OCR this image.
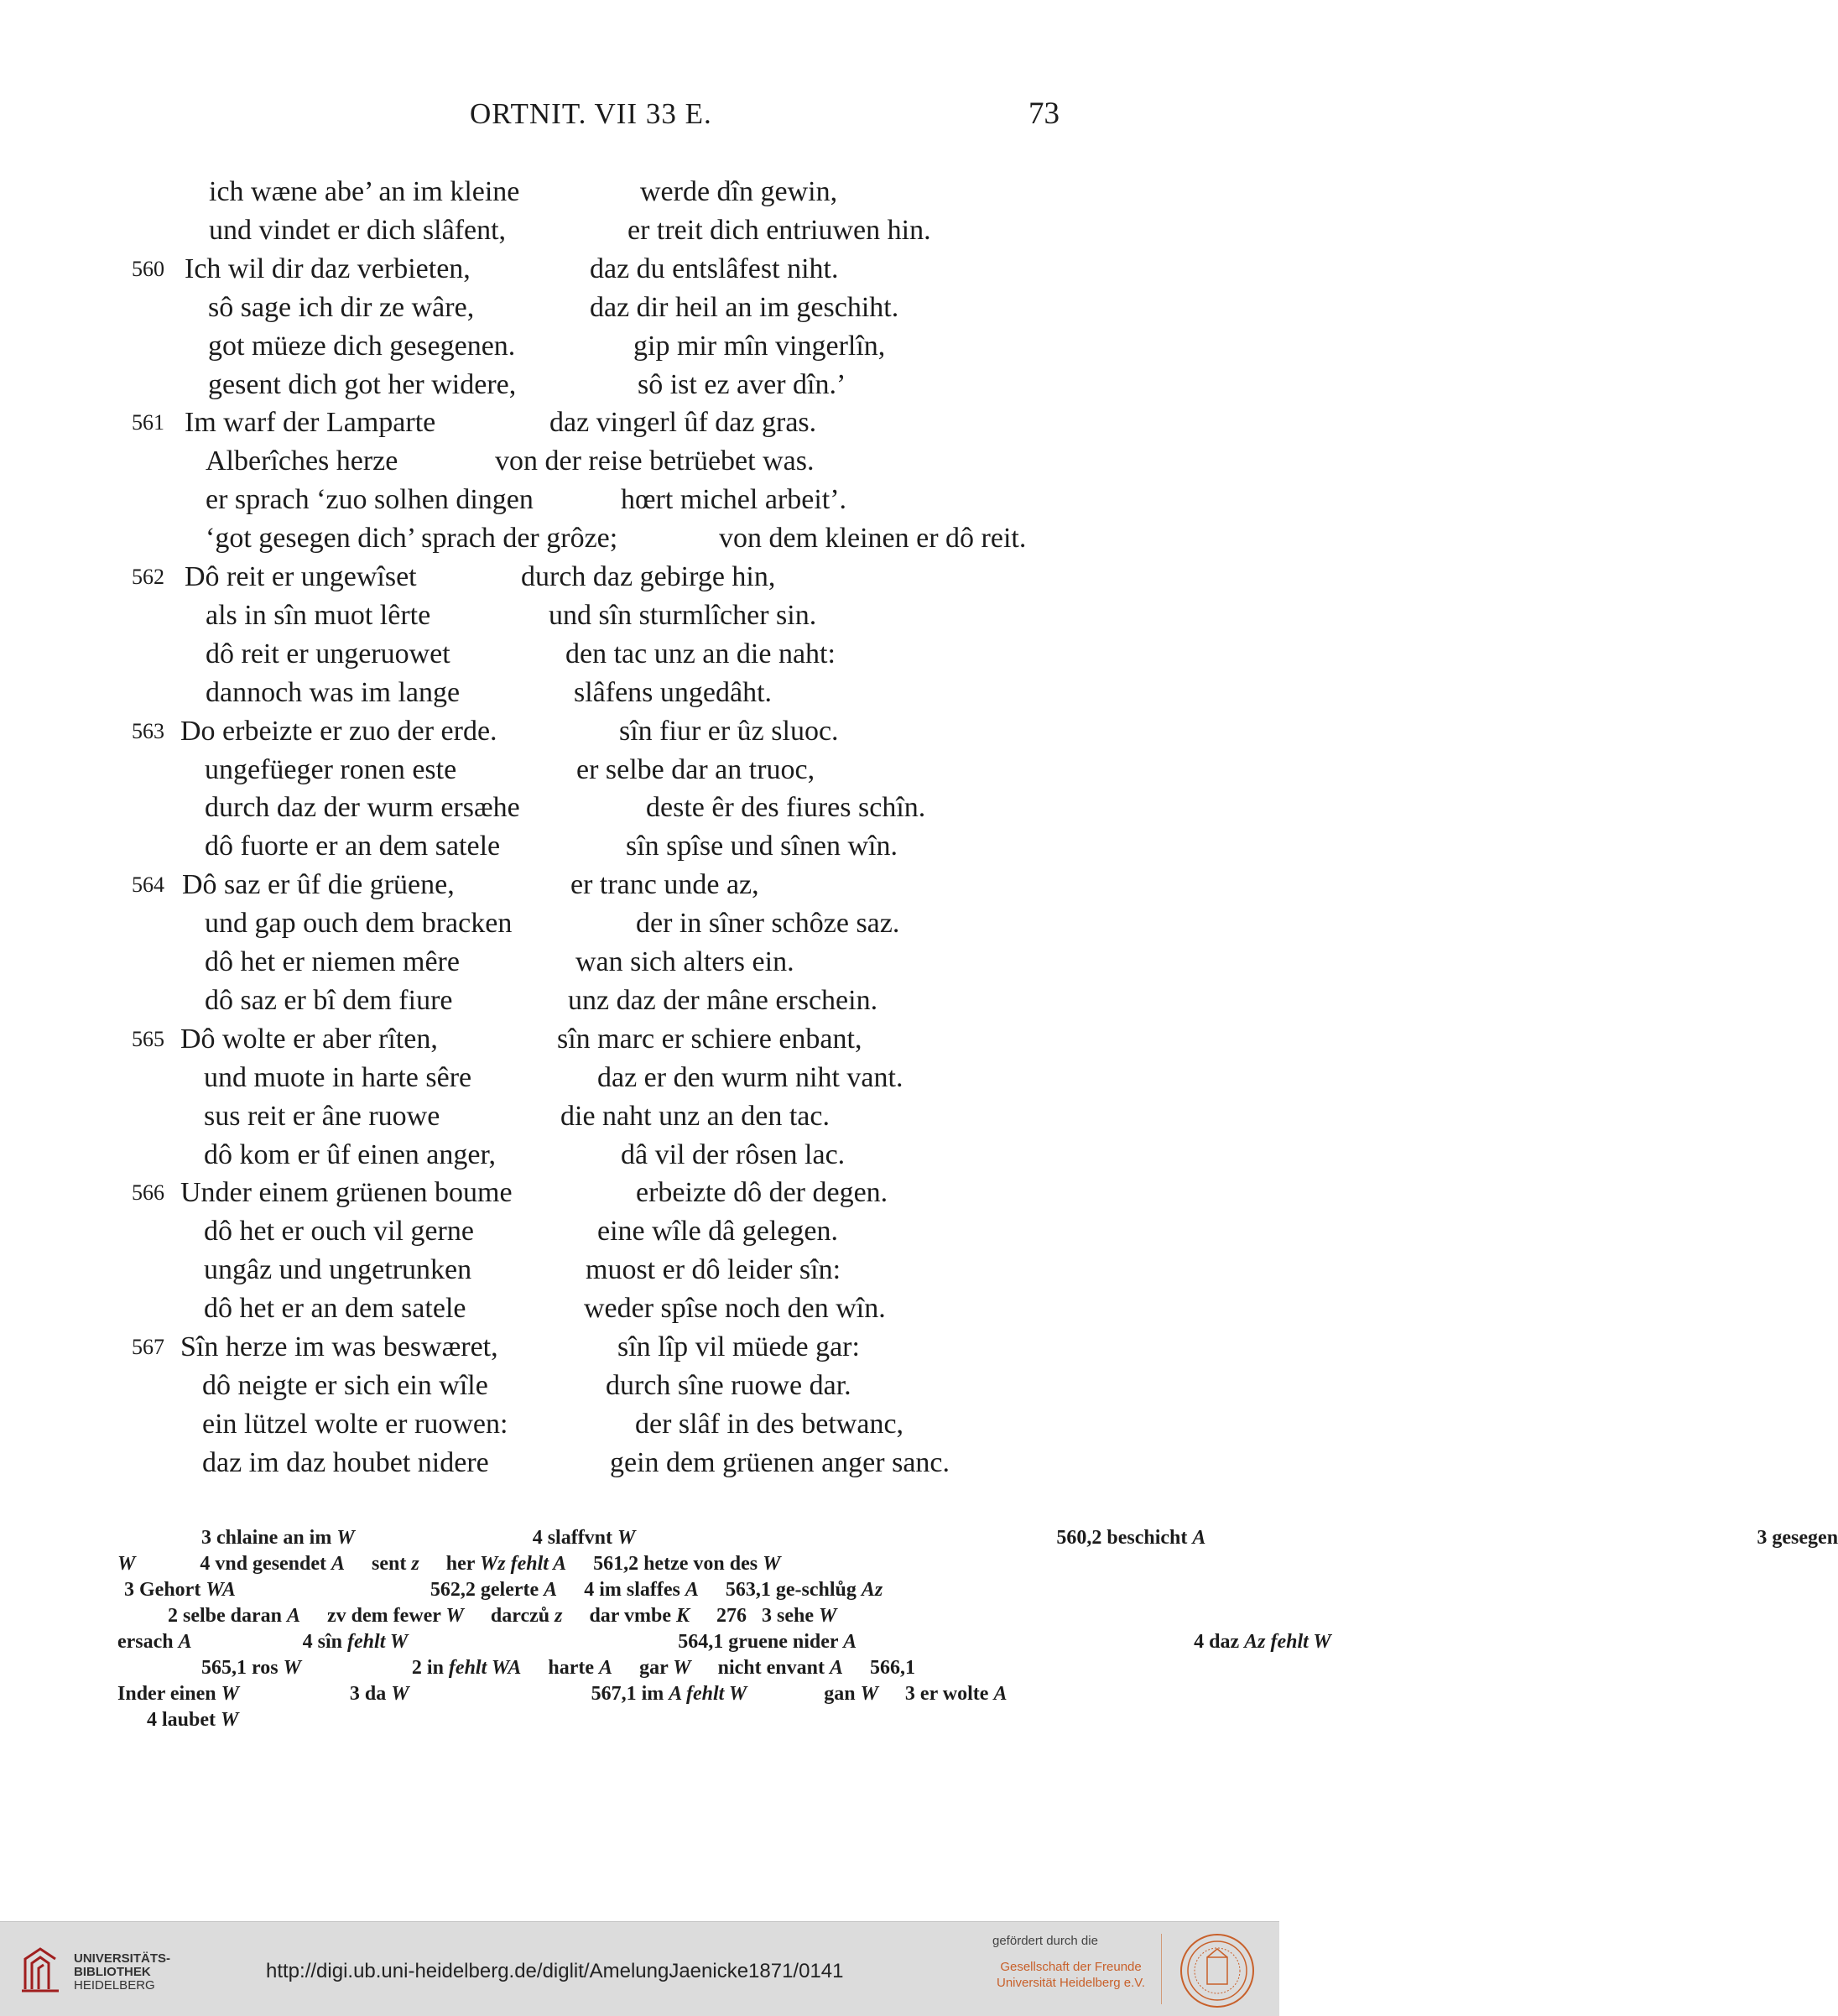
ORTNIT. VII 33 E.	73
ich wæne abe’ an im kleine	werde dîn gewin,
und vindet er dich slâfent,	er treit dich entriuwen hin.
560 Ich wil dir daz verbieten,	daz du entslâfest niht.
sô sage ich dir ze wâre,	daz dir heil an im geschiht.
got müeze dich gesegenen.	gip mir mîn vingerlîn,
gesent dich got her widere,	sô ist ez aver dîn.’
561 Im warf der Lamparte	daz vingerl ûf daz gras.
Alberîches herze	von der reise betrüebet was.
er sprach ‘zuo solhen dingen	hœrt michel arbeit’.
‘got gesegen dich’ sprach der grôze;	von dem kleinen er dô reit.
562 Dô reit er ungewîset	durch daz gebirge hin,
als in sîn muot lêrte	und sîn sturmlîcher sin.
dô reit er ungeruowet	den tac unz an die naht:
dannoch was im lange	slâfens ungedâht.
563 Do erbeizte er zuo der erde.	sîn fiur er ûz sluoc.
ungefüeger ronen este	er selbe dar an truoc,
durch daz der wurm ersæhe	deste êr des fiures schîn.
dô fuorte er an dem satele	sîn spîse und sînen wîn.
564 Dô saz er ûf die grüene,	er tranc unde az,
und gap ouch dem bracken	der in sîner schôze saz.
dô het er niemen mêre	wan sich alters ein.
dô saz er bî dem fiure	unz daz der mâne erschein.
565 Dô wolte er aber rîten,	sîn marc er schiere enbant,
und muote in harte sêre	daz er den wurm niht vant.
sus reit er âne ruowe	die naht unz an den tac.
dô kom er ûf einen anger,	dâ vil der rôsen lac.
566 Under einem grüenen boume	erbeizte dô der degen.
dô het er ouch vil gerne	eine wîle dâ gelegen.
ungâz und ungetrunken	muost er dô leider sîn:
dô het er an dem satele	weder spîse noch den wîn.
567 Sîn herze im was beswæret,	sîn lîp vil müede gar:
dô neigte er sich ein wîle	durch sîne ruowe dar.
ein lützel wolte er ruowen:	der slâf in des betwanc,
daz im daz houbet nidere	gein dem grüenen anger sanc.
3 chlaine an im W	4 slaffvnt W	560,2 beschicht A	3 gesegen
W	4 vnd gesendet A sent z her Wz fehlt A 561,2 hetze von des W
3 Gehort WA	562,2 gelerte A 4 im slaffes A 563,1 ge-schlůg Az
2 selbe daran A zv dem fewer W darczů z dar vmbe K 276 3 sehe W
ersach A	4 sîn fehlt W	564,1 gruene nider A	4 daz Az fehlt W
565,1 ros W	2 in fehlt WA harte A gar W nicht envant A 566,1
Inder einen W	3 da W	567,1 im A fehlt W	gan W 3 er wolte A
4 laubet W
UNIVERSITÄTS-
BIBLIOTHEK
HEIDELBERG
http://digi.ub.uni-heidelberg.de/diglit/AmelungJaenicke1871/0141
gefördert durch die
Gesellschaft der Freunde
Universität Heidelberg e.V.
